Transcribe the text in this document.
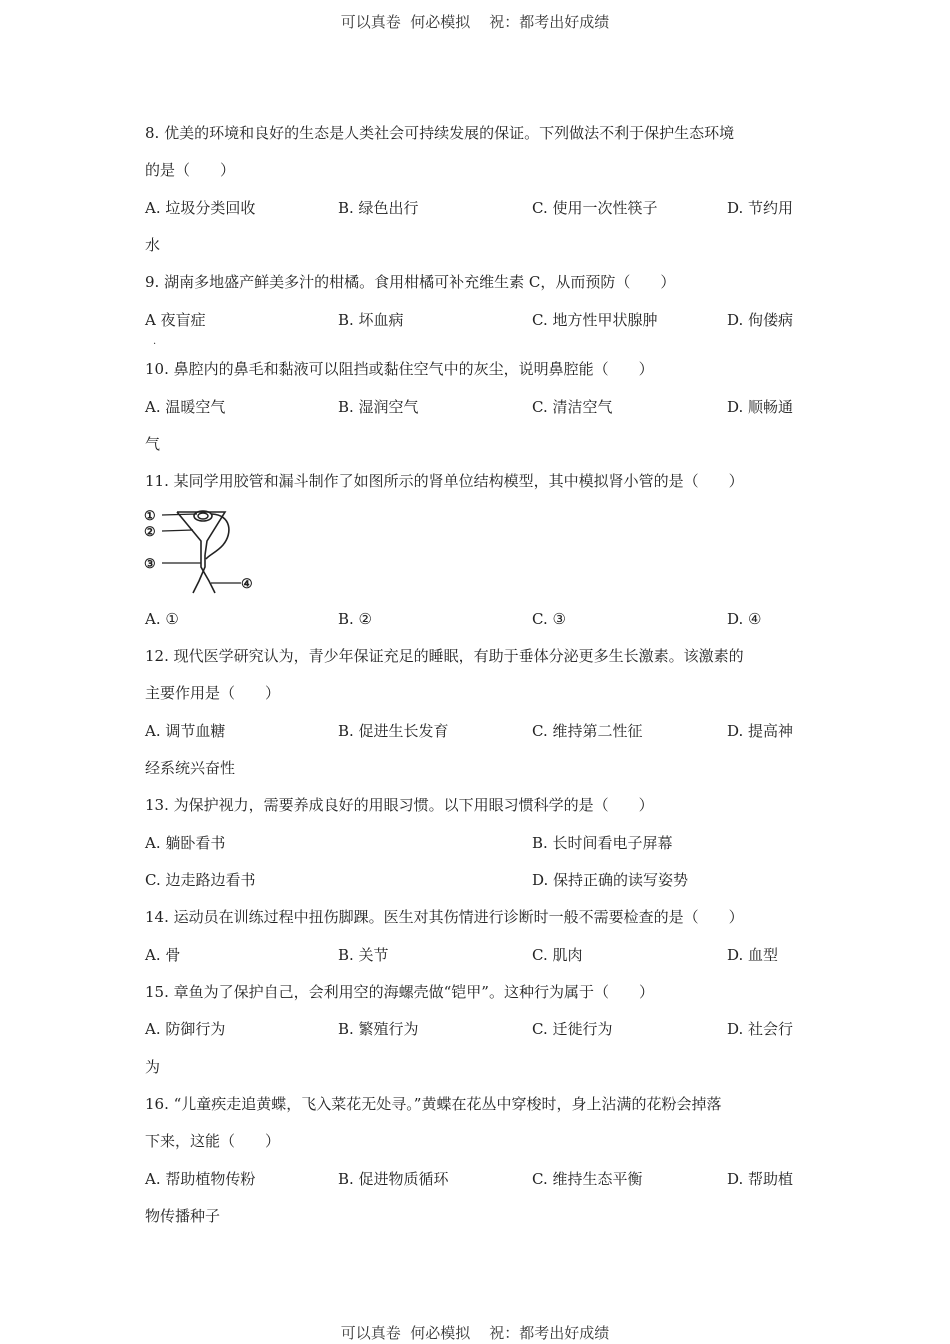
可以真卷  何必模拟    祝：都考出好成绩
8. 优美的环境和良好的生态是人类社会可持续发展的保证。下列做法不利于保护生态环境
的是（　　）
A. 垃圾分类回收	B. 绿色出行	C. 使用一次性筷子	D. 节约用
水
9. 湖南多地盛产鲜美多汁的柑橘。食用柑橘可补充维生素 C，从而预防（　　）
A 夜盲症	B. 坏血病	C. 地方性甲状腺肿	D. 佝偻病
.
10. 鼻腔内的鼻毛和黏液可以阻挡或黏住空气中的灰尘，说明鼻腔能（　　）
A. 温暖空气	B. 湿润空气	C. 清洁空气	D. 顺畅通
气
11. 某同学用胶管和漏斗制作了如图所示的肾单位结构模型，其中模拟肾小管的是（　　）
①
②
③
④
A. ①	B. ②	C. ③	D. ④
12. 现代医学研究认为，青少年保证充足的睡眠，有助于垂体分泌更多生长激素。该激素的
主要作用是（　　）
A. 调节血糖	B. 促进生长发育	C. 维持第二性征	D. 提高神
经系统兴奋性
13. 为保护视力，需要养成良好的用眼习惯。以下用眼习惯科学的是（　　）
A. 躺卧看书	B. 长时间看电子屏幕
C. 边走路边看书	D. 保持正确的读写姿势
14. 运动员在训练过程中扭伤脚踝。医生对其伤情进行诊断时一般不需要检查的是（　　）
A. 骨	B. 关节	C. 肌肉	D. 血型
15. 章鱼为了保护自己，会利用空的海螺壳做“铠甲”。这种行为属于（　　）
A. 防御行为	B. 繁殖行为	C. 迁徙行为	D. 社会行
为
16. “儿童疾走追黄蝶，飞入菜花无处寻。”黄蝶在花丛中穿梭时，身上沾满的花粉会掉落
下来，这能（　　）
A. 帮助植物传粉	B. 促进物质循环	C. 维持生态平衡	D. 帮助植
物传播种子
可以真卷  何必模拟    祝：都考出好成绩
